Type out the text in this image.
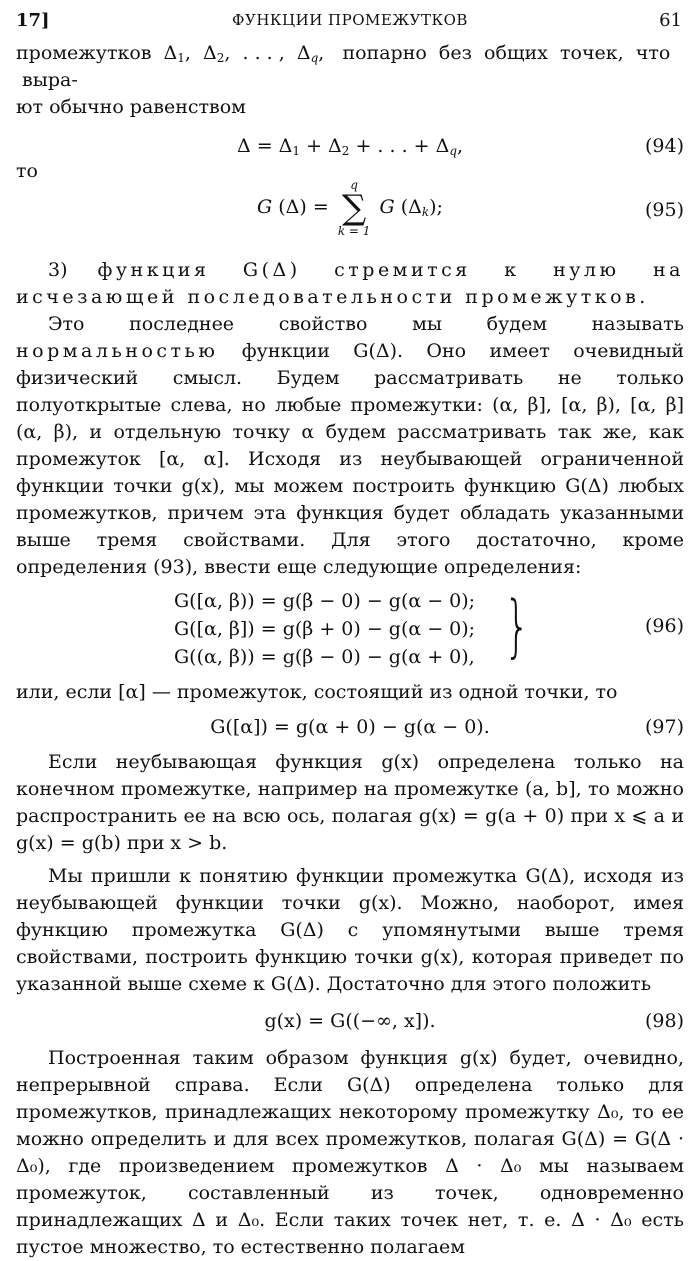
17]	ФУНКЦИИ ПРОМЕЖУТКОВ	61

промежутков  $\Delta_1$,  $\Delta_2$,  . . . ,  $\Delta_q$,   попарно  без  общих  точек,  что  выра-

ют обычно равенством

$\Delta = \Delta_1 + \Delta_2$ + . . . + $\Delta_q$,	(94)

то

G (Δ) =
q
∑
k = 1
G $(\Delta_k)$;	(95)

3) функция G(Δ) стремится к нулю на исчезающей последовательности промежутков.

Это последнее свойство мы будем называть нормальностью функции G(Δ). Оно имеет очевидный физический смысл. Будем рассматривать не только полуоткрытые слева, но любые промежутки: (α, β], [α, β), [α, β] (α, β), и отдельную точку α будем рассматривать так же, как промежуток [α, α]. Исходя из неубывающей ограниченной функции точки g(x), мы можем построить функцию G(Δ) любых промежутков, причем эта функция будет обладать указанными выше тремя свойствами. Для этого достаточно, кроме определения (93), ввести еще следующие определения:

G([α, β)) = g(β − 0) − g(α − 0);
G([α, β]) = g(β + 0) − g(α − 0);
G((α, β)) = g(β − 0) − g(α + 0), }	(96)

или, если [α] — промежуток, состоящий из одной точки, то

G([α]) = g(α + 0) − g(α − 0).	(97)

Если неубывающая функция g(x) определена только на конечном промежутке, например на промежутке (a, b], то можно распространить ее на всю ось, полагая g(x) = g(a + 0) при x ⩽ a и g(x) = g(b) при x > b.

Мы пришли к понятию функции промежутка G(Δ), исходя из неубывающей функции точки g(x). Можно, наоборот, имея функцию промежутка G(Δ) с упомянутыми выше тремя свойствами, построить функцию точки g(x), которая приведет по указанной выше схеме к G(Δ). Достаточно для этого положить

g(x) = G((−∞, x]).	(98)

Построенная таким образом функция g(x) будет, очевидно, непрерывной справа. Если G(Δ) определена только для промежутков, принадлежащих некоторому промежутку Δ₀, то ее можно определить и для всех промежутков, полагая G(Δ) = G(Δ · Δ₀), где произведением промежутков Δ · Δ₀ мы называем промежуток, составленный из точек, одновременно принадлежащих Δ и Δ₀. Если таких точек нет, т. е. Δ · Δ₀ есть пустое множество, то естественно полагаем
